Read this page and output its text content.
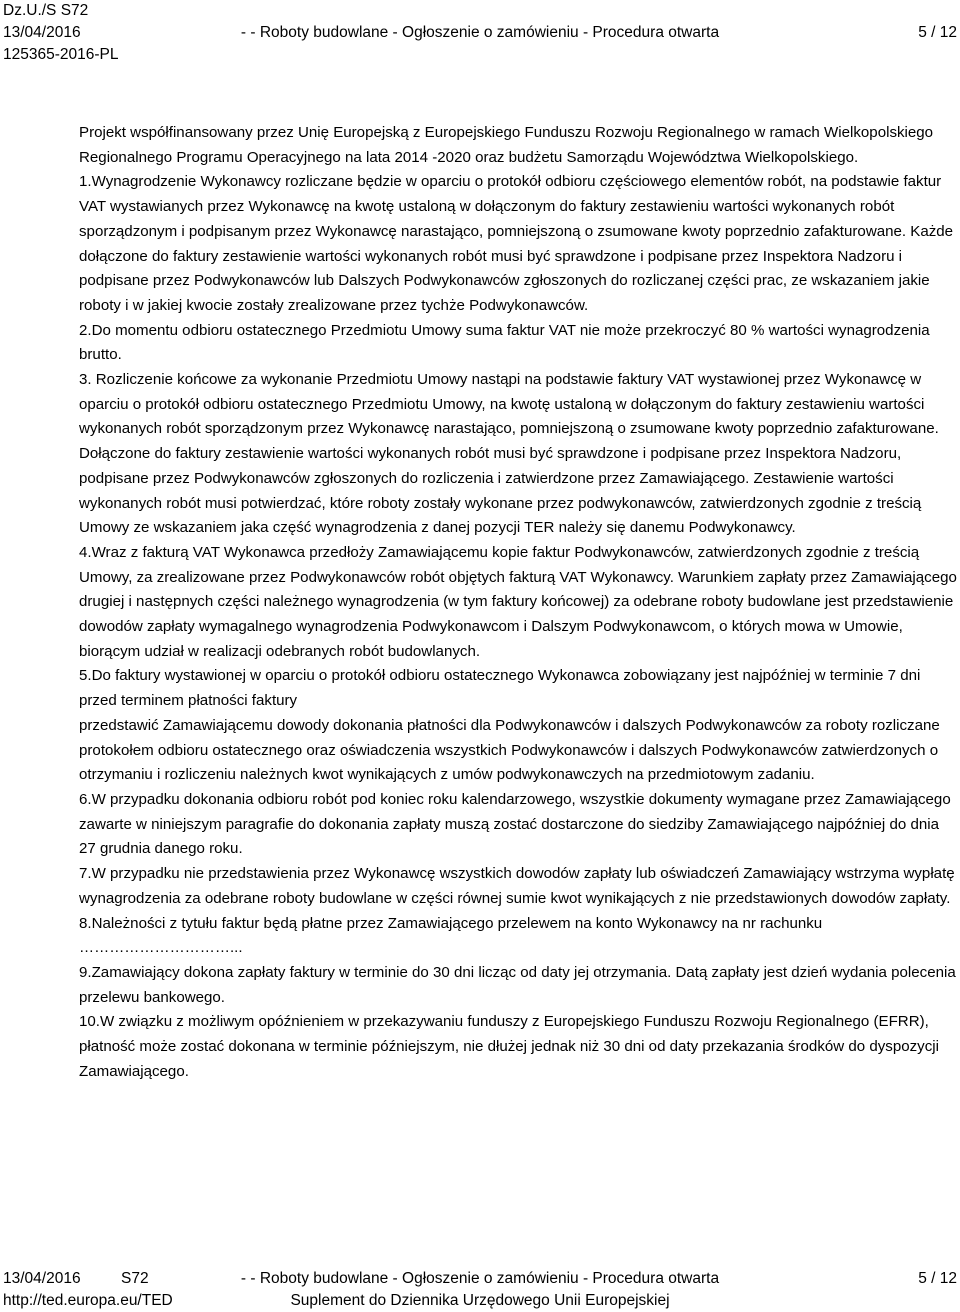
Dz.U./S S72
13/04/2016	- - Roboty budowlane - Ogłoszenie o zamówieniu - Procedura otwarta	5 / 12
125365-2016-PL

Projekt współfinansowany przez Unię Europejską z Europejskiego Funduszu Rozwoju Regionalnego w ramach Wielkopolskiego Regionalnego Programu Operacyjnego na lata 2014 -2020 oraz budżetu Samorządu Województwa Wielkopolskiego.

1.Wynagrodzenie Wykonawcy rozliczane będzie w oparciu o protokół odbioru częściowego elementów robót, na podstawie faktur VAT wystawianych przez Wykonawcę na kwotę ustaloną w dołączonym do faktury zestawieniu wartości wykonanych robót sporządzonym i podpisanym przez Wykonawcę narastająco, pomniejszoną o zsumowane kwoty poprzednio zafakturowane. Każde dołączone do faktury zestawienie wartości wykonanych robót musi być sprawdzone i podpisane przez Inspektora Nadzoru i podpisane przez Podwykonawców lub Dalszych Podwykonawców zgłoszonych do rozliczanej części prac, ze wskazaniem jakie roboty i w jakiej kwocie zostały zrealizowane przez tychże Podwykonawców.

2.Do momentu odbioru ostatecznego Przedmiotu Umowy suma faktur VAT nie może przekroczyć 80 % wartości wynagrodzenia brutto.

3. Rozliczenie końcowe za wykonanie Przedmiotu Umowy nastąpi na podstawie faktury VAT wystawionej przez Wykonawcę w oparciu o protokół odbioru ostatecznego Przedmiotu Umowy, na kwotę ustaloną w dołączonym do faktury zestawieniu wartości wykonanych robót sporządzonym przez Wykonawcę narastająco, pomniejszoną o zsumowane kwoty poprzednio zafakturowane. Dołączone do faktury zestawienie wartości wykonanych robót musi być sprawdzone i podpisane przez Inspektora Nadzoru, podpisane przez Podwykonawców zgłoszonych do rozliczenia i zatwierdzone przez Zamawiającego. Zestawienie wartości wykonanych robót musi potwierdzać, które roboty zostały wykonane przez podwykonawców, zatwierdzonych zgodnie z treścią Umowy ze wskazaniem jaka część wynagrodzenia z danej pozycji TER należy się danemu Podwykonawcy.

4.Wraz z fakturą VAT Wykonawca przedłoży Zamawiającemu kopie faktur Podwykonawców, zatwierdzonych zgodnie z treścią Umowy, za zrealizowane przez Podwykonawców robót objętych fakturą VAT Wykonawcy. Warunkiem zapłaty przez Zamawiającego drugiej i następnych części należnego wynagrodzenia (w tym faktury końcowej) za odebrane roboty budowlane jest przedstawienie dowodów zapłaty wymagalnego wynagrodzenia Podwykonawcom i Dalszym Podwykonawcom, o których mowa w Umowie, biorącym udział w realizacji odebranych robót budowlanych.

5.Do faktury wystawionej w oparciu o protokół odbioru ostatecznego Wykonawca zobowiązany jest najpóźniej w terminie 7 dni przed terminem płatności faktury

przedstawić Zamawiającemu dowody dokonania płatności dla Podwykonawców i dalszych Podwykonawców za roboty rozliczane protokołem odbioru ostatecznego oraz oświadczenia wszystkich Podwykonawców i dalszych Podwykonawców zatwierdzonych o otrzymaniu i rozliczeniu należnych kwot wynikających z umów podwykonawczych na przedmiotowym zadaniu.

6.W przypadku dokonania odbioru robót pod koniec roku kalendarzowego, wszystkie dokumenty wymagane przez Zamawiającego zawarte w niniejszym paragrafie do dokonania zapłaty muszą zostać dostarczone do siedziby Zamawiającego najpóźniej do dnia 27 grudnia danego roku.

7.W przypadku nie przedstawienia przez Wykonawcę wszystkich dowodów zapłaty lub oświadczeń Zamawiający wstrzyma wypłatę wynagrodzenia za odebrane roboty budowlane w części równej sumie kwot wynikających z nie przedstawionych dowodów zapłaty.

8.Należności z tytułu faktur będą płatne przez Zamawiającego przelewem na konto Wykonawcy na nr rachunku

…………………………...

9.Zamawiający dokona zapłaty faktury w terminie do 30 dni licząc od daty jej otrzymania. Datą zapłaty jest dzień wydania polecenia przelewu bankowego.

10.W związku z możliwym opóźnieniem w przekazywaniu funduszy z Europejskiego Funduszu Rozwoju Regionalnego (EFRR), płatność może zostać dokonana w terminie późniejszym, nie dłużej jednak niż 30 dni od daty przekazania środków do dyspozycji Zamawiającego.

13/04/2016	S72	- - Roboty budowlane - Ogłoszenie o zamówieniu - Procedura otwarta	5 / 12
http://ted.europa.eu/TED	Suplement do Dziennika Urzędowego Unii Europejskiej
